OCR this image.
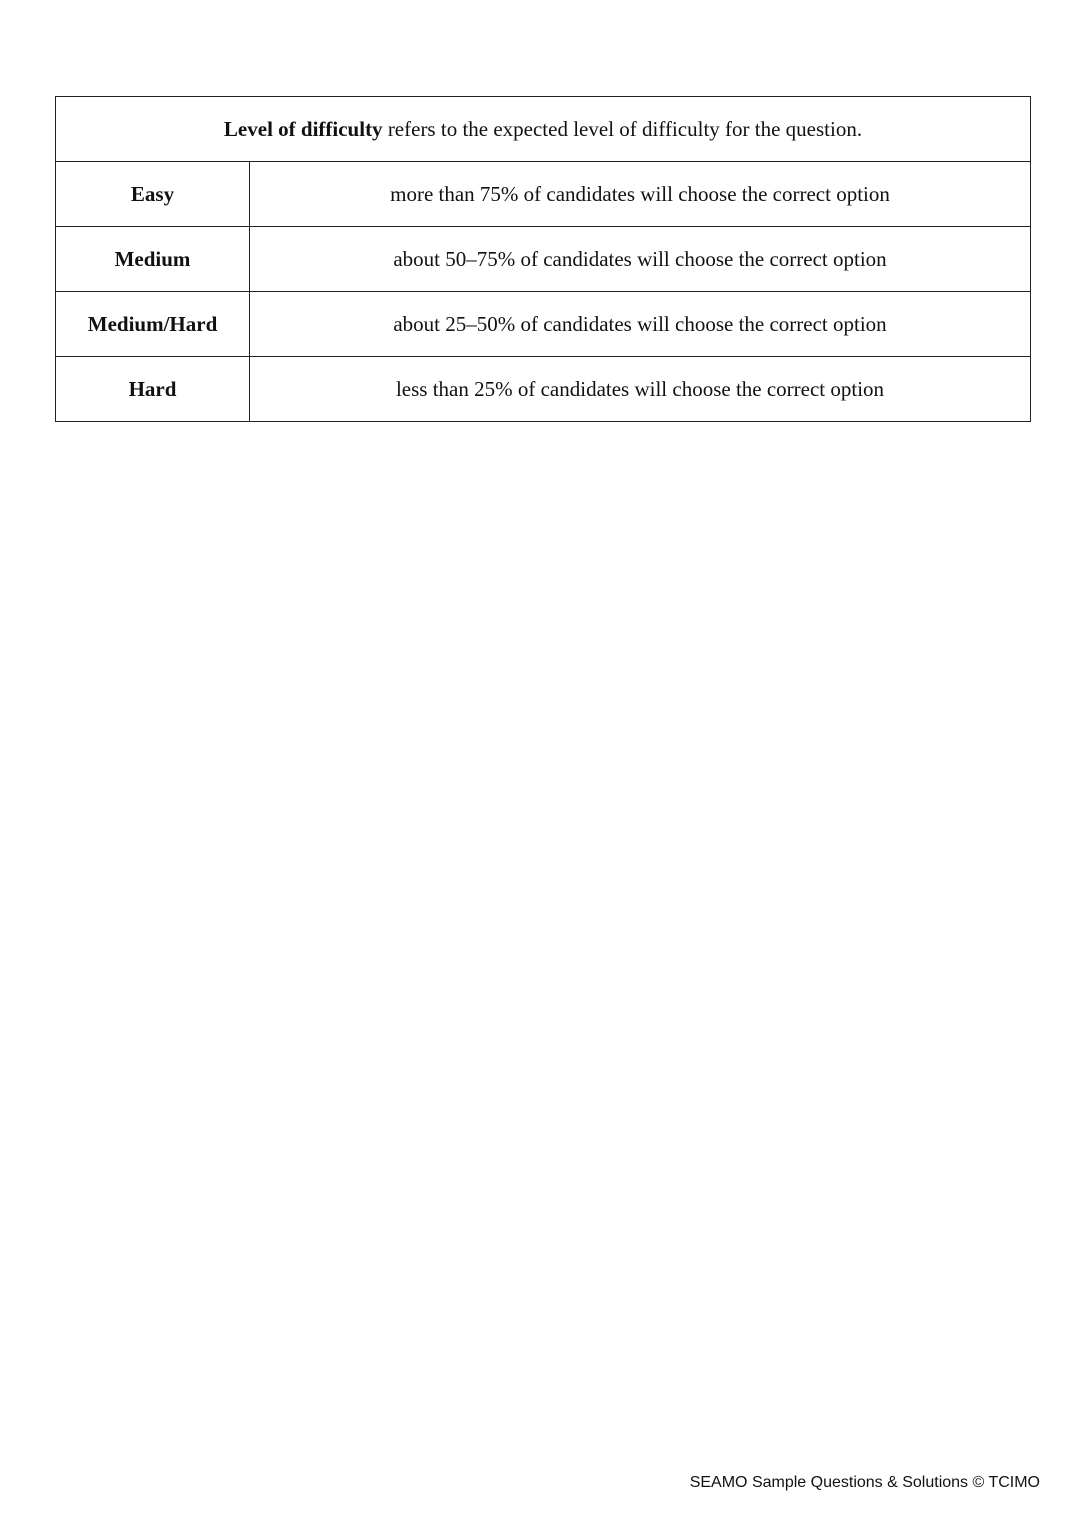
Level of difficulty refers to the expected level of difficulty for the question.	
Easy	more than 75% of candidates will choose the correct option
Medium	about 50–75% of candidates will choose the correct option
Medium/Hard	about 25–50% of candidates will choose the correct option
Hard	less than 25% of candidates will choose the correct option
SEAMO Sample Questions & Solutions © TCIMO
